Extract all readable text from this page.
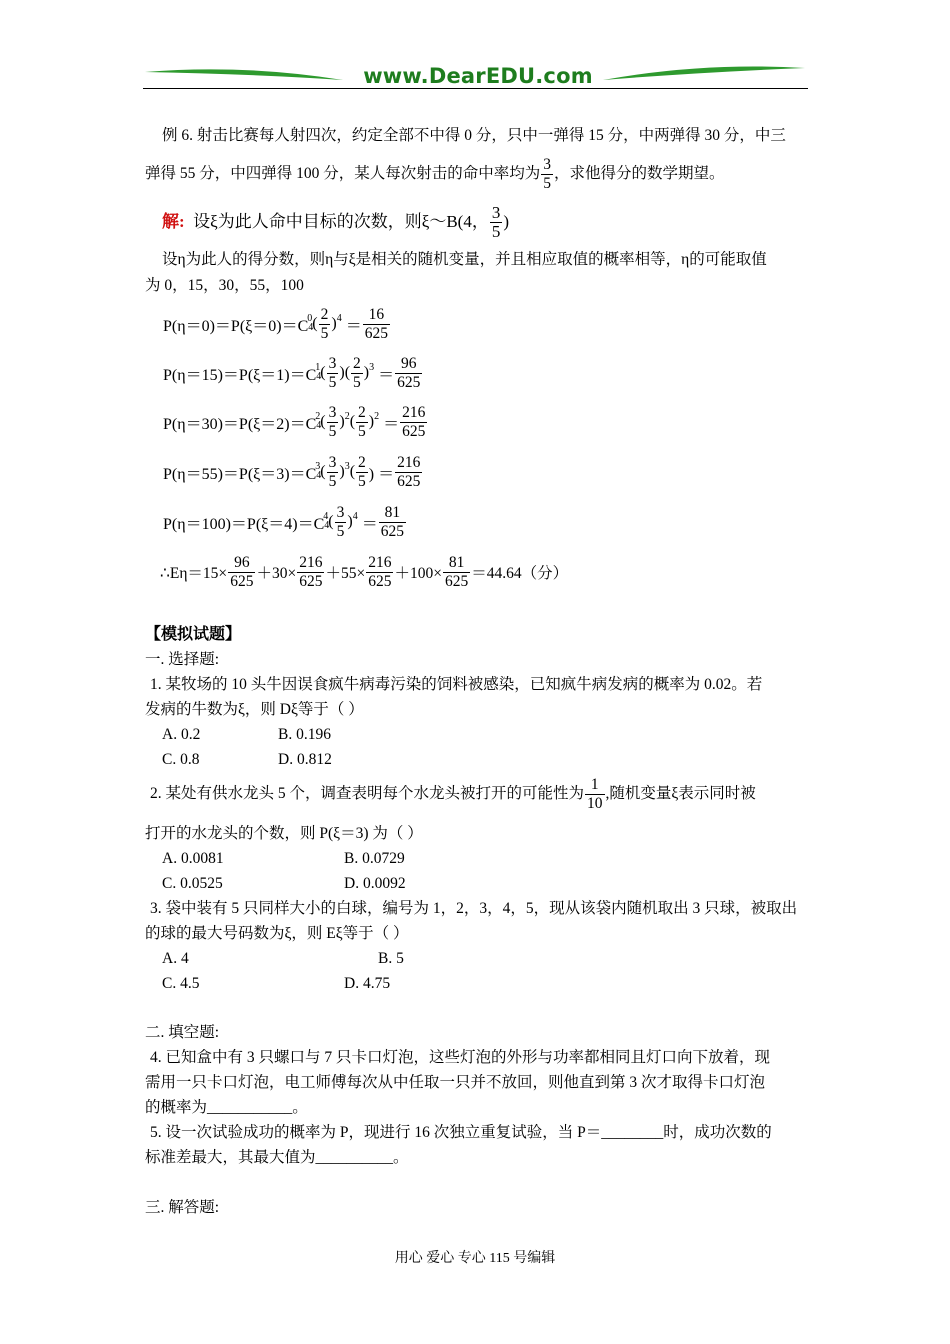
www.DearEDU.com
例 6. 射击比赛每人射四次，约定全部不中得 0 分，只中一弹得 15 分，中两弹得 30 分，中三
弹得 55 分，中四弹得 100 分，某人每次射击的命中率均为 $\frac{3}{5}$ ，求他得分的数学期望。
解:
设ξ为此人命中目标的次数，则ξ～B(4， $\frac{3}{5}$ )
设η为此人的得分数，则η与ξ是相关的随机变量，并且相应取值的概率相等，η的可能取值
为 0，15，30，55，100
P(η＝0)＝P(ξ＝0)＝C 4
0 ( $\frac{2}{5}$ ) $4 = \frac{16}{625}$
P(η＝15)＝P(ξ＝1)＝C 4
1 ( $\frac{3}{5}$ )( $\frac{2}{5}$ ) $3 = \frac{96}{625}$
P(η＝30)＝P(ξ＝2)＝C 4
2 ( $\frac{3}{5}$ ) 2 ( $\frac{2}{5}$ ) $2 = \frac{216}{625}$
P(η＝55)＝P(ξ＝3)＝C 4
3 ( $\frac{3}{5}$ ) 3 ( $\frac{2}{5}$ ) ＝ $\frac{216}{625}$
P(η＝100)＝P(ξ＝4)＝C 4
4 ( $\frac{3}{5}$ ) $4 = \frac{81}{625}$
∴Eη＝15× $\frac{96}{625} +30\times \frac{216}{625} +55\times \frac{216}{625} +100\times \frac{81}{625} =44.64$（分）
【模拟试题】
一. 选择题:
1. 某牧场的 10 头牛因误食疯牛病毒污染的饲料被感染，已知疯牛病发病的概率为 0.02。若
发病的牛数为ξ，则 Dξ等于（ ）
A. 0.2	B. 0.196
C. 0.8	D. 0.812
2. 某处有供水龙头 5 个，调查表明每个水龙头被打开的可能性为 $\frac{1}{10}$ ,随机变量ξ表示同时被
打开的水龙头的个数，则 P(ξ＝3) 为（ ）
A. 0.0081	B. 0.0729
C. 0.0525	D. 0.0092
3. 袋中装有 5 只同样大小的白球，编号为 1，2，3，4，5，现从该袋内随机取出 3 只球，被取出
的球的最大号码数为ξ，则 Eξ等于（ ）
A. 4	B. 5
C. 4.5	D. 4.75
二. 填空题:
4. 已知盒中有 3 只螺口与 7 只卡口灯泡，这些灯泡的外形与功率都相同且灯口向下放着，现
需用一只卡口灯泡，电工师傅每次从中任取一只并不放回，则他直到第 3 次才取得卡口灯泡
的概率为___________。
5. 设一次试验成功的概率为 P，现进行 16 次独立重复试验，当 P＝________时，成功次数的
标准差最大，其最大值为__________。
三. 解答题:
用心 爱心 专心 115 号编辑
